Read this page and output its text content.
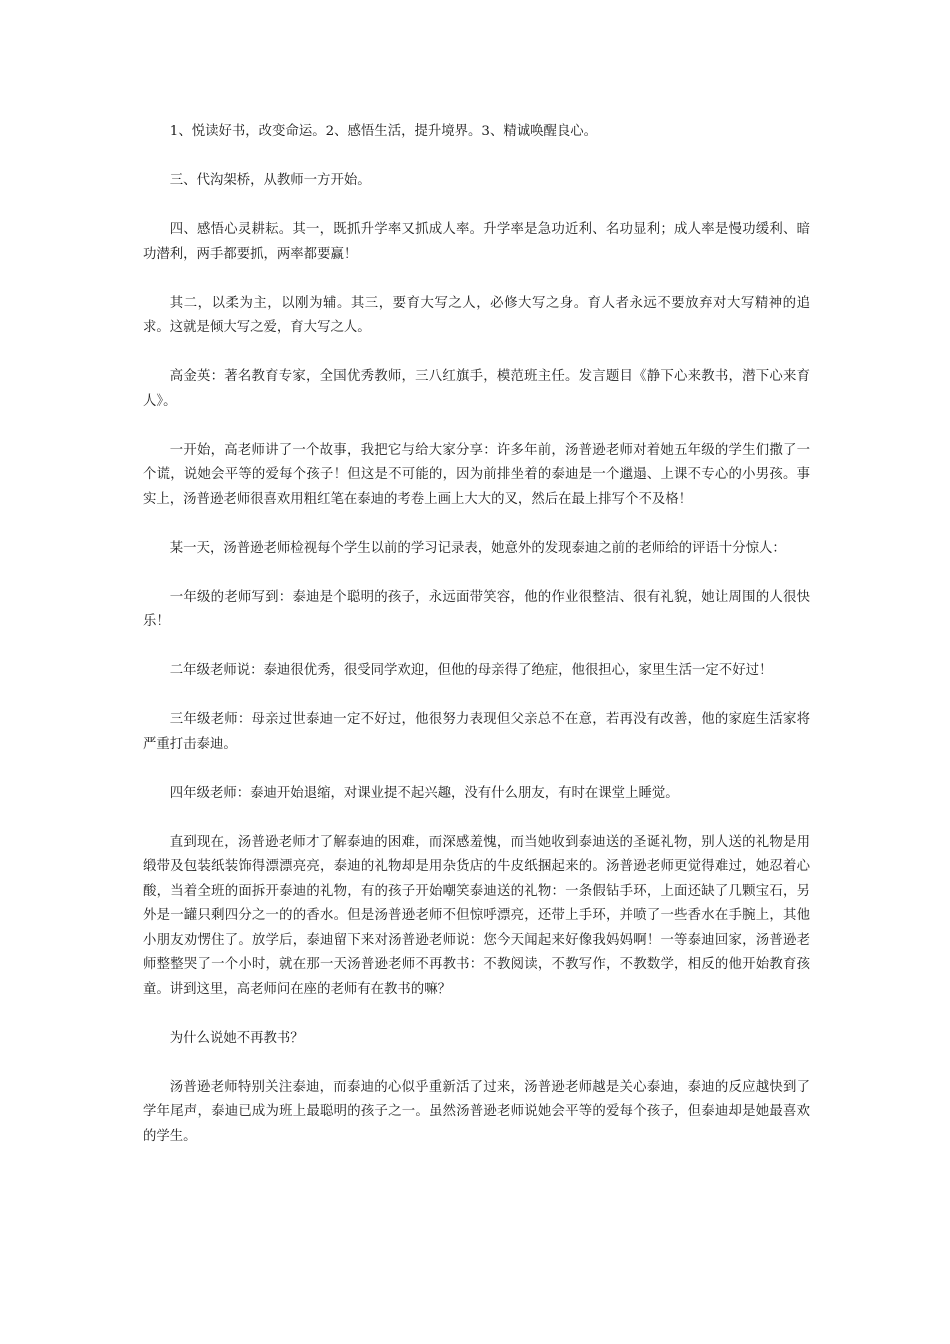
1、悦读好书，改变命运。2、感悟生活，提升境界。3、精诚唤醒良心。

三、代沟架桥，从教师一方开始。

四、感悟心灵耕耘。其一，既抓升学率又抓成人率。升学率是急功近利、名功显利；成人率是慢功缓利、暗功潜利，两手都要抓，两率都要赢！

其二，以柔为主，以刚为辅。其三，要育大写之人，必修大写之身。育人者永远不要放弃对大写精神的追求。这就是倾大写之爱，育大写之人。

高金英：著名教育专家，全国优秀教师，三八红旗手，模范班主任。发言题目《静下心来教书，潜下心来育人》。

一开始，高老师讲了一个故事，我把它与给大家分享：许多年前，汤普逊老师对着她五年级的学生们撒了一个谎，说她会平等的爱每个孩子！但这是不可能的，因为前排坐着的泰迪是一个邋遢、上课不专心的小男孩。事实上，汤普逊老师很喜欢用粗红笔在泰迪的考卷上画上大大的叉，然后在最上排写个不及格！

某一天，汤普逊老师检视每个学生以前的学习记录表，她意外的发现泰迪之前的老师给的评语十分惊人：

一年级的老师写到：泰迪是个聪明的孩子，永远面带笑容，他的作业很整洁、很有礼貌，她让周围的人很快乐！

二年级老师说：泰迪很优秀，很受同学欢迎，但他的母亲得了绝症，他很担心，家里生活一定不好过！

三年级老师：母亲过世泰迪一定不好过，他很努力表现但父亲总不在意，若再没有改善，他的家庭生活家将严重打击泰迪。

四年级老师：泰迪开始退缩，对课业提不起兴趣，没有什么朋友，有时在课堂上睡觉。

直到现在，汤普逊老师才了解泰迪的困难，而深感羞愧，而当她收到泰迪送的圣诞礼物，别人送的礼物是用缎带及包装纸装饰得漂漂亮亮，泰迪的礼物却是用杂货店的牛皮纸捆起来的。汤普逊老师更觉得难过，她忍着心酸，当着全班的面拆开泰迪的礼物，有的孩子开始嘲笑泰迪送的礼物：一条假钻手环，上面还缺了几颗宝石，另外是一罐只剩四分之一的的香水。但是汤普逊老师不但惊呼漂亮，还带上手环，并喷了一些香水在手腕上，其他小朋友劝愣住了。放学后，泰迪留下来对汤普逊老师说：您今天闻起来好像我妈妈啊！一等泰迪回家，汤普逊老师整整哭了一个小时，就在那一天汤普逊老师不再教书：不教阅读，不教写作，不教数学，相反的他开始教育孩童。讲到这里，高老师问在座的老师有在教书的嘛？

为什么说她不再教书？

汤普逊老师特别关注泰迪，而泰迪的心似乎重新活了过来，汤普逊老师越是关心泰迪，泰迪的反应越快到了学年尾声，泰迪已成为班上最聪明的孩子之一。虽然汤普逊老师说她会平等的爱每个孩子，但泰迪却是她最喜欢的学生。
